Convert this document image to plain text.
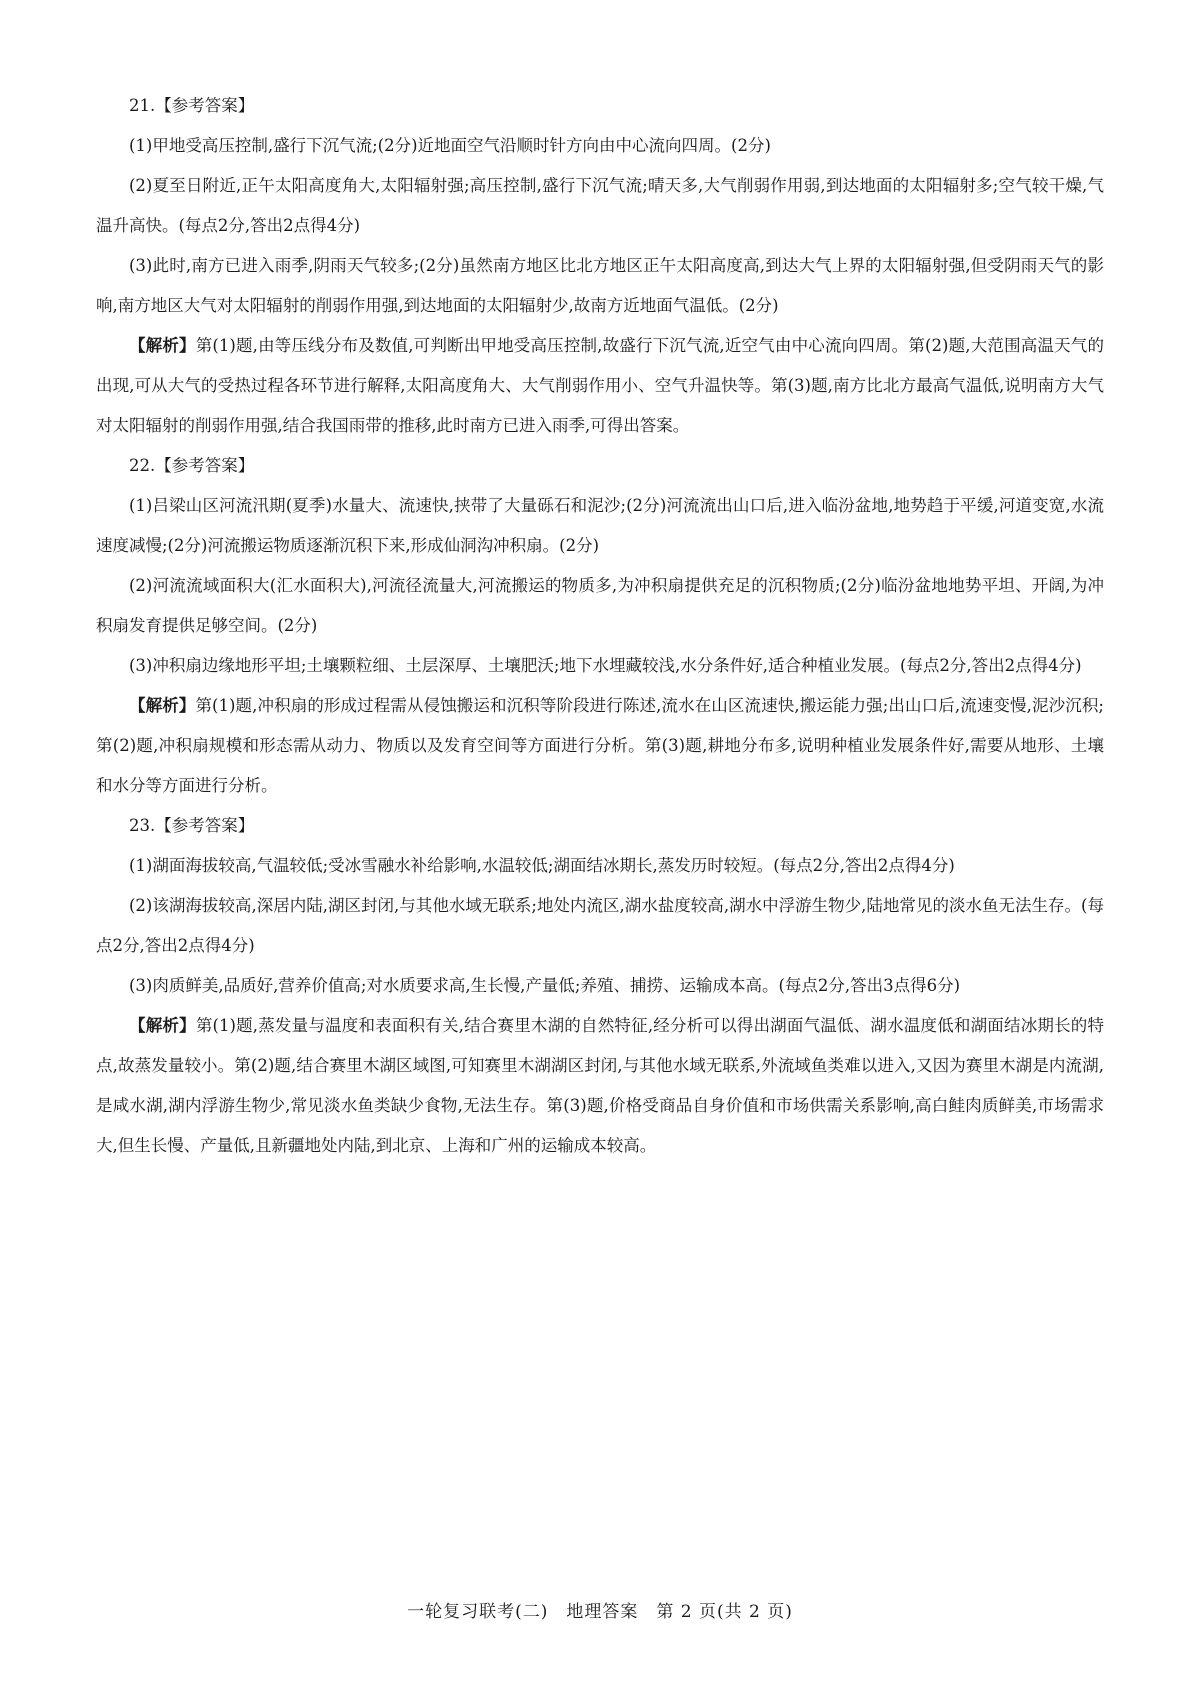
21.【参考答案】

(1)甲地受高压控制,盛行下沉气流;(2分)近地面空气沿顺时针方向由中心流向四周。(2分)

(2)夏至日附近,正午太阳高度角大,太阳辐射强;高压控制,盛行下沉气流;晴天多,大气削弱作用弱,到达地面的太阳辐射多;空气较干燥,气温升高快。(每点2分,答出2点得4分)

(3)此时,南方已进入雨季,阴雨天气较多;(2分)虽然南方地区比北方地区正午太阳高度高,到达大气上界的太阳辐射强,但受阴雨天气的影响,南方地区大气对太阳辐射的削弱作用强,到达地面的太阳辐射少,故南方近地面气温低。(2分)

【解析】第(1)题,由等压线分布及数值,可判断出甲地受高压控制,故盛行下沉气流,近空气由中心流向四周。第(2)题,大范围高温天气的出现,可从大气的受热过程各环节进行解释,太阳高度角大、大气削弱作用小、空气升温快等。第(3)题,南方比北方最高气温低,说明南方大气对太阳辐射的削弱作用强,结合我国雨带的推移,此时南方已进入雨季,可得出答案。

22.【参考答案】

(1)吕梁山区河流汛期(夏季)水量大、流速快,挟带了大量砾石和泥沙;(2分)河流流出山口后,进入临汾盆地,地势趋于平缓,河道变宽,水流速度减慢;(2分)河流搬运物质逐渐沉积下来,形成仙洞沟冲积扇。(2分)

(2)河流流域面积大(汇水面积大),河流径流量大,河流搬运的物质多,为冲积扇提供充足的沉积物质;(2分)临汾盆地地势平坦、开阔,为冲积扇发育提供足够空间。(2分)

(3)冲积扇边缘地形平坦;土壤颗粒细、土层深厚、土壤肥沃;地下水埋藏较浅,水分条件好,适合种植业发展。(每点2分,答出2点得4分)

【解析】第(1)题,冲积扇的形成过程需从侵蚀搬运和沉积等阶段进行陈述,流水在山区流速快,搬运能力强;出山口后,流速变慢,泥沙沉积;第(2)题,冲积扇规模和形态需从动力、物质以及发育空间等方面进行分析。第(3)题,耕地分布多,说明种植业发展条件好,需要从地形、土壤和水分等方面进行分析。

23.【参考答案】

(1)湖面海拔较高,气温较低;受冰雪融水补给影响,水温较低;湖面结冰期长,蒸发历时较短。(每点2分,答出2点得4分)

(2)该湖海拔较高,深居内陆,湖区封闭,与其他水域无联系;地处内流区,湖水盐度较高,湖水中浮游生物少,陆地常见的淡水鱼无法生存。(每点2分,答出2点得4分)

(3)肉质鲜美,品质好,营养价值高;对水质要求高,生长慢,产量低;养殖、捕捞、运输成本高。(每点2分,答出3点得6分)

【解析】第(1)题,蒸发量与温度和表面积有关,结合赛里木湖的自然特征,经分析可以得出湖面气温低、湖水温度低和湖面结冰期长的特点,故蒸发量较小。第(2)题,结合赛里木湖区域图,可知赛里木湖湖区封闭,与其他水域无联系,外流域鱼类难以进入,又因为赛里木湖是内流湖,是咸水湖,湖内浮游生物少,常见淡水鱼类缺少食物,无法生存。第(3)题,价格受商品自身价值和市场供需关系影响,高白鲑肉质鲜美,市场需求大,但生长慢、产量低,且新疆地处内陆,到北京、上海和广州的运输成本较高。

一轮复习联考(二)　地理答案　第 2 页(共 2 页)
